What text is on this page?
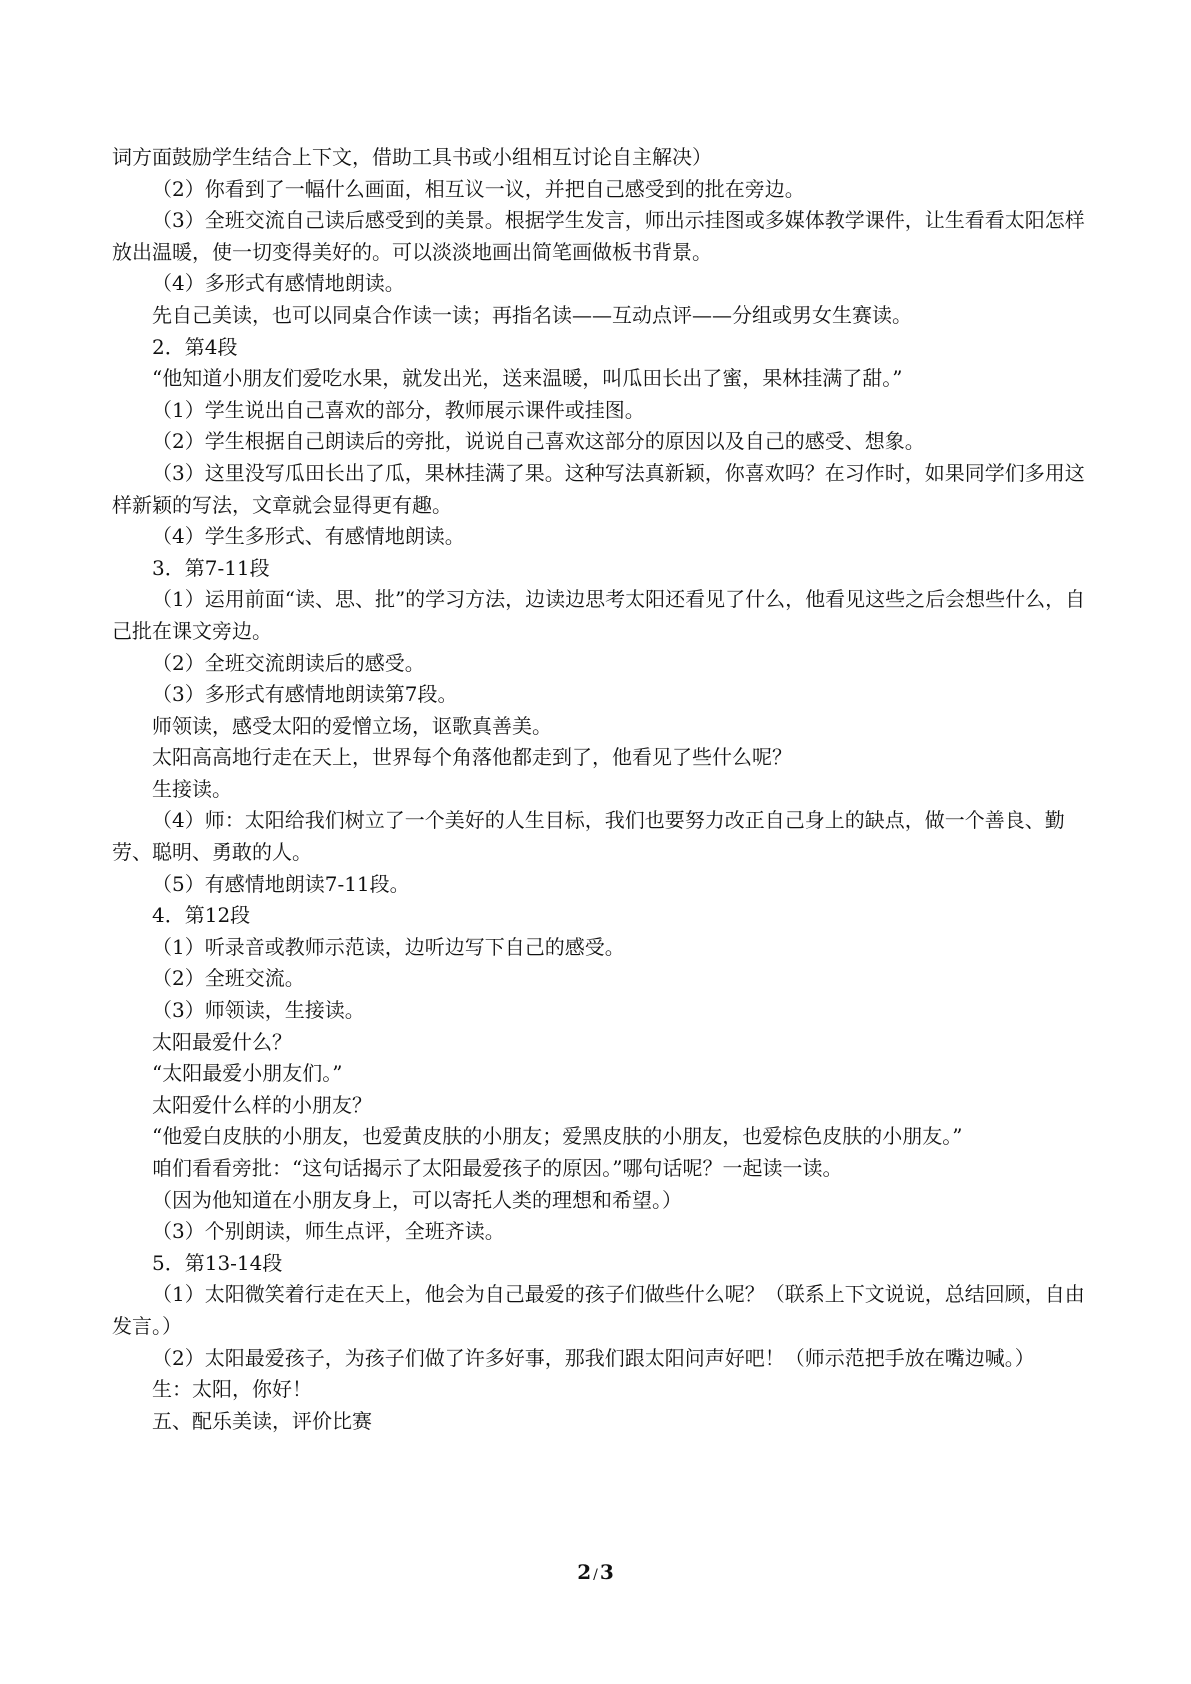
词方面鼓励学生结合上下文，借助工具书或小组相互讨论自主解决）

（2）你看到了一幅什么画面，相互议一议，并把自己感受到的批在旁边。

（3）全班交流自己读后感受到的美景。根据学生发言，师出示挂图或多媒体教学课件，让生看看太阳怎样放出温暖，使一切变得美好的。可以淡淡地画出简笔画做板书背景。

（4）多形式有感情地朗读。

先自己美读，也可以同桌合作读一读；再指名读——互动点评——分组或男女生赛读。

2．第4段

“他知道小朋友们爱吃水果，就发出光，送来温暖，叫瓜田长出了蜜，果林挂满了甜。”

（1）学生说出自己喜欢的部分，教师展示课件或挂图。

（2）学生根据自己朗读后的旁批，说说自己喜欢这部分的原因以及自己的感受、想象。

（3）这里没写瓜田长出了瓜，果林挂满了果。这种写法真新颖，你喜欢吗？在习作时，如果同学们多用这样新颖的写法，文章就会显得更有趣。

（4）学生多形式、有感情地朗读。

3．第7-11段

（1）运用前面“读、思、批”的学习方法，边读边思考太阳还看见了什么，他看见这些之后会想些什么，自己批在课文旁边。

（2）全班交流朗读后的感受。

（3）多形式有感情地朗读第7段。

师领读，感受太阳的爱憎立场，讴歌真善美。

太阳高高地行走在天上，世界每个角落他都走到了，他看见了些什么呢？

生接读。

（4）师：太阳给我们树立了一个美好的人生目标，我们也要努力改正自己身上的缺点，做一个善良、勤劳、聪明、勇敢的人。

（5）有感情地朗读7-11段。

4．第12段

（1）听录音或教师示范读，边听边写下自己的感受。

（2）全班交流。

（3）师领读，生接读。

太阳最爱什么？

“太阳最爱小朋友们。”

太阳爱什么样的小朋友？

“他爱白皮肤的小朋友，也爱黄皮肤的小朋友；爱黑皮肤的小朋友，也爱棕色皮肤的小朋友。”

咱们看看旁批：“这句话揭示了太阳最爱孩子的原因。”哪句话呢？一起读一读。

（因为他知道在小朋友身上，可以寄托人类的理想和希望。）

（3）个别朗读，师生点评，全班齐读。

5．第13-14段

（1）太阳微笑着行走在天上，他会为自己最爱的孩子们做些什么呢？（联系上下文说说，总结回顾，自由发言。）

（2）太阳最爱孩子，为孩子们做了许多好事，那我们跟太阳问声好吧！（师示范把手放在嘴边喊。）

生：太阳，你好！

五、配乐美读，评价比赛

2 / 3
